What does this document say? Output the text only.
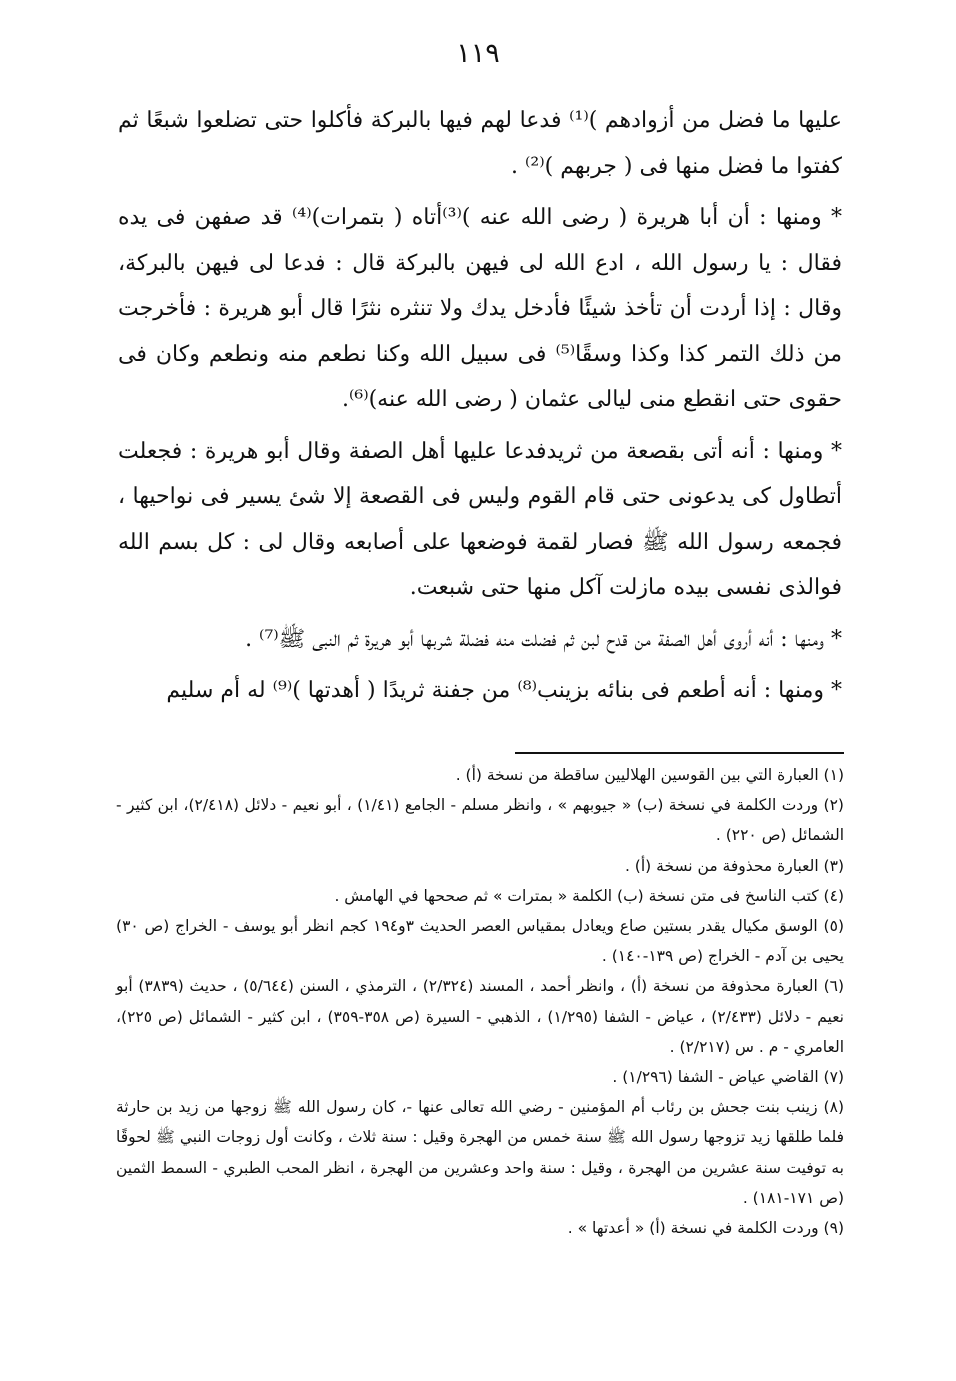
١١٩

عليها ما فضل من أزوادهم )⁽¹⁾ فدعا لهم فيها بالبركة فأكلوا حتى تضلعوا شبعًا ثم كفتوا ما فضل منها فى ( جربهم )⁽²⁾ .

* ومنها : أن أبا هريرة ( رضى الله عنه )⁽³⁾أتاه ( بتمرات)⁽⁴⁾ قد صفهن فى يده فقال : يا رسول الله ، ادع الله لى فيهن بالبركة قال : فدعا لى فيهن بالبركة، وقال : إذا أردت أن تأخذ شيئًا فأدخل يدك ولا تنثره نثرًا قال أبو هريرة : فأخرجت من ذلك التمر كذا وكذا وسقًا⁽⁵⁾ فى سبيل الله وكنا نطعم منه ونطعم وكان فى حقوى حتى انقطع منى ليالى عثمان ( رضى الله عنه)⁽⁶⁾.

* ومنها : أنه أتى بقصعة من ثريدفدعا عليها أهل الصفة وقال أبو هريرة : فجعلت أتطاول كى يدعونى حتى قام القوم وليس فى القصعة إلا شئ يسير فى نواحيها ، فجمعه رسول الله ﷺ فصار لقمة فوضعها على أصابعه وقال لى : كل بسم الله فوالذى نفسى بيده مازلت آكل منها حتى شبعت.

* ومنها : أنه أروى أهل الصفة من قدح لبن ثم فضلت منه فضلة شربها أبو هريرة ثم النبى ﷺ⁽⁷⁾ .

* ومنها : أنه أطعم فى بنائه بزينب⁽⁸⁾ من جفنة ثريدًا ( أهدتها )⁽⁹⁾ له أم سليم

(١) العبارة التي بين القوسين الهلاليين ساقطة من نسخة (أ) .

(٢) وردت الكلمة في نسخة (ب) « جيوبهم » ، وانظر مسلم - الجامع (١/٤١) ، أبو نعيم - دلائل (٢/٤١٨)، ابن كثير - الشمائل (ص ٢٢٠) .

(٣) العبارة محذوفة من نسخة (أ) .

(٤) كتب الناسخ فى متن نسخة (ب) الكلمة « بمترات » ثم صححها في الهامش .

(٥) الوسق مكيال يقدر بستين صاع ويعادل بمقياس العصر الحديث ٣و١٩٤ كجم انظر أبو يوسف - الخراج (ص ٣٠) يحيى بن آدم - الخراج (ص ١٣٩-١٤٠) .

(٦) العبارة محذوفة من نسخة (أ) ، وانظر أحمد ، المسند (٢/٣٢٤) ، الترمذي ، السنن (٥/٦٤٤) ، حديث (٣٨٣٩) أبو نعيم - دلائل (٢/٤٣٣) ، عياض - الشفا (١/٢٩٥) ، الذهبي - السيرة (ص ٣٥٨-٣٥٩) ، ابن كثير - الشمائل (ص ٢٢٥)، العامري - م . س (٢/٢١٧) .

(٧) القاضي عياض - الشفا (١/٢٩٦) .

(٨) زينب بنت جحش بن رئاب أم المؤمنين - رضي الله تعالى عنها -، كان رسول الله ﷺ زوجها من زيد بن حارثة فلما طلقها زيد تزوجها رسول الله ﷺ سنة خمس من الهجرة وقيل : سنة ثلاث ، وكانت أول زوجات النبي ﷺ لحوقًا به توفيت سنة عشرين من الهجرة ، وقيل : سنة واحد وعشرين من الهجرة ، انظر المحب الطبري - السمط الثمين (ص ١٧١-١٨١) .

(٩) وردت الكلمة في نسخة (أ) « أعدتها » .
